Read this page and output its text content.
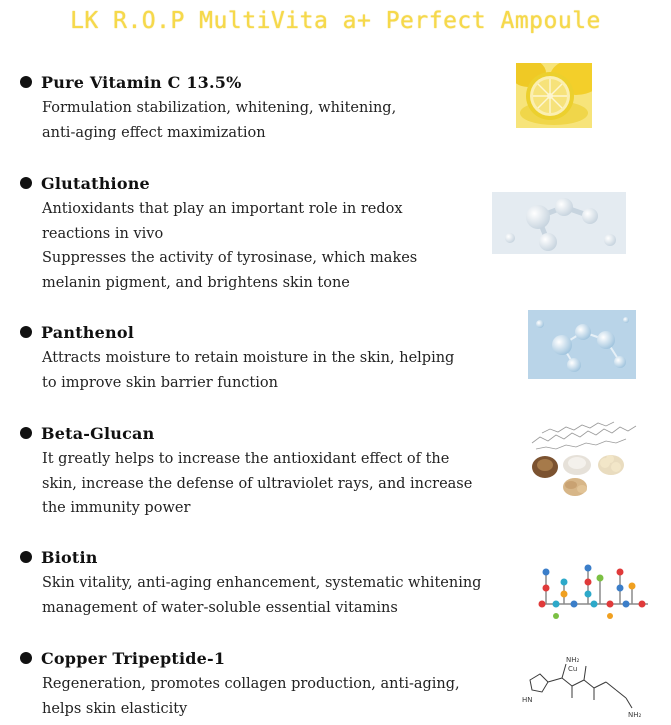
LK R.O.P MultiVita a+ Perfect Ampoule
Pure Vitamin C 13.5%
Formulation stabilization, whitening, whitening,
anti-aging effect maximization
Glutathione
Antioxidants that play an important role in redox
reactions in vivo
Suppresses the activity of tyrosinase, which makes
melanin pigment, and brightens skin tone
Panthenol
Attracts moisture to retain moisture in the skin, helping
to improve skin barrier function
Beta-Glucan
It greatly helps to increase the antioxidant effect of the
skin, increase the defense of ultraviolet rays, and increase
the immunity power
Biotin
Skin vitality, anti-aging enhancement, systematic whitening
management of water-soluble essential vitamins
Copper Tripeptide-1
Regeneration, promotes collagen production, anti-aging,
helps skin elasticity
NH₂
Cu
HN
NH₂
